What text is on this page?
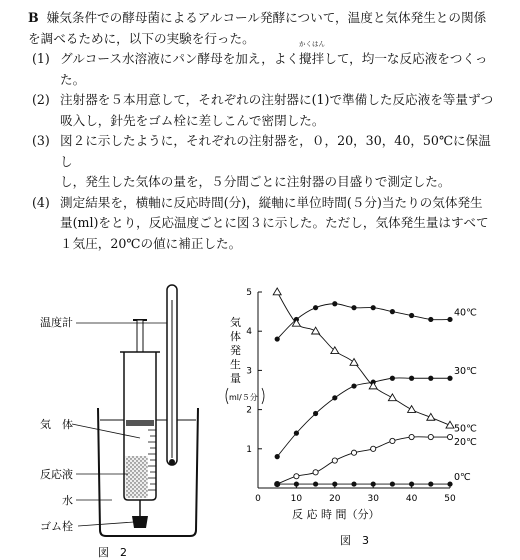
B 嫌気条件での酵母菌によるアルコール発酵について，温度と気体発生との関係

を調べるために，以下の実験を行った。

(1) グルコース水溶液にパン酵母を加え，よく
かくはん
攪拌して，均一な反応液をつくっ
た。
(2) 注射器を５本用意して，それぞれの注射器に(1)で準備した反応液を等量ずつ
吸入し，針先をゴム栓に差しこんで密閉した。
(3) 図２に示したように，それぞれの注射器を，０，20，30，40，50℃に保温し
し，発生した気体の量を，５分間ごとに注射器の目盛りで測定した。
(4) 測定結果を，横軸に反応時間(分)，縦軸に単位時間(５分)当たりの気体発生
量(ml)をとり，反応温度ごとに図３に示した。ただし，気体発生量はすべて
１気圧，20℃の値に補正した。
温度計
気　体
反応液
水
ゴム栓
図　2
気
体
発
生
量
ml/５分
0	10	20	30	40	50
1
2
3
4
5
40℃
30℃
50℃
20℃
0℃
反 応 時 間（分）
図　3
